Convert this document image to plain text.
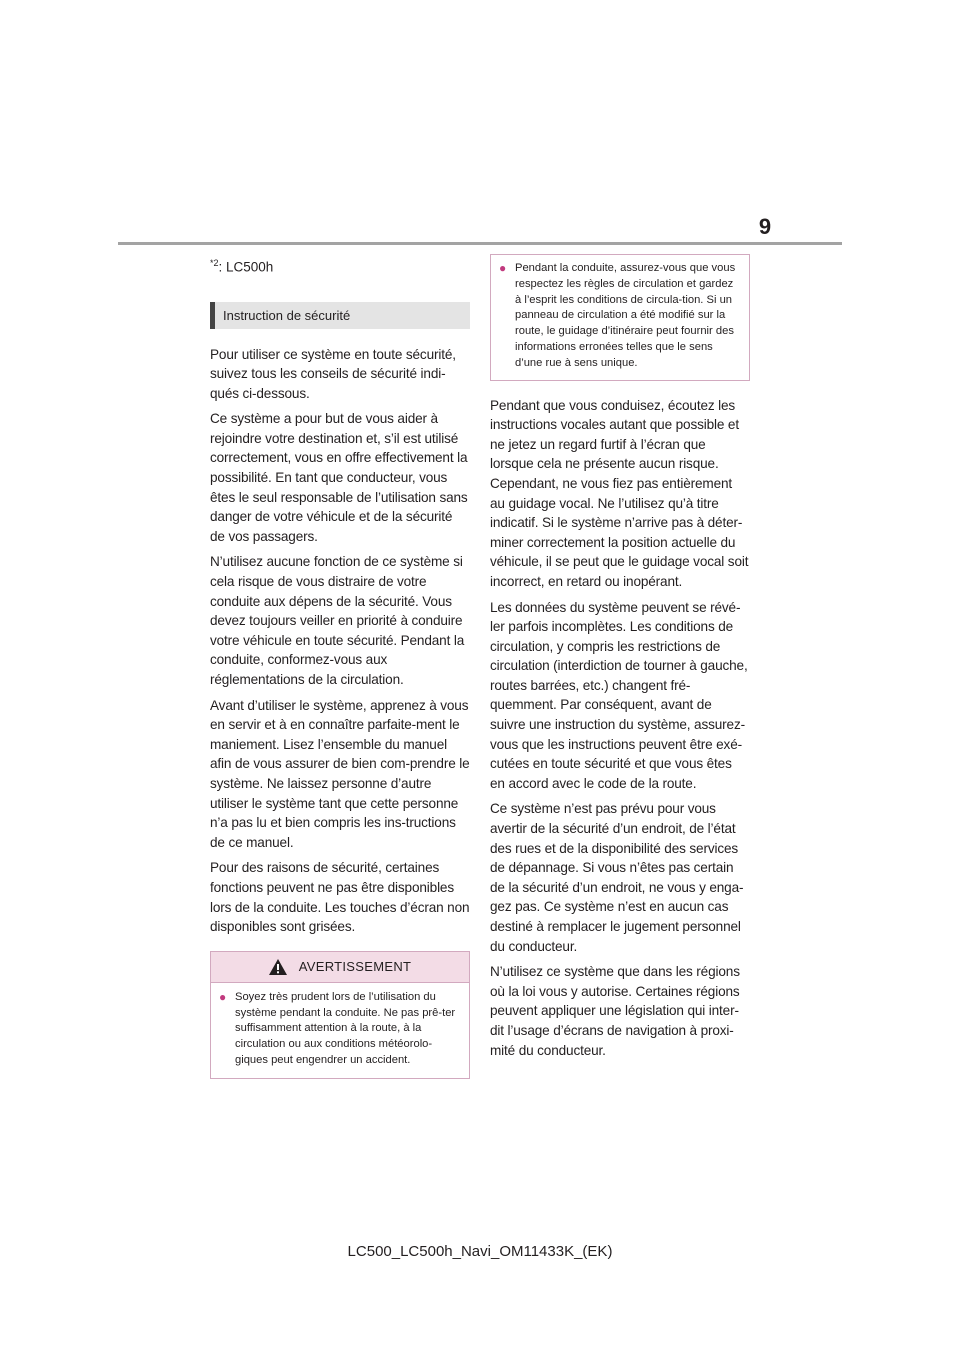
9

$^{*2}$: LC500h

Instruction de sécurité

Pour utiliser ce système en toute sécurité, suivez tous les conseils de sécurité indi-qués ci-dessous.

Ce système a pour but de vous aider à rejoindre votre destination et, s’il est utilisé correctement, vous en offre effectivement la possibilité. En tant que conducteur, vous êtes le seul responsable de l’utilisation sans danger de votre véhicule et de la sécurité de vos passagers.

N’utilisez aucune fonction de ce système si cela risque de vous distraire de votre conduite aux dépens de la sécurité. Vous devez toujours veiller en priorité à conduire votre véhicule en toute sécurité. Pendant la conduite, conformez-vous aux réglementations de la circulation.

Avant d’utiliser le système, apprenez à vous en servir et à en connaître parfaite-ment le maniement. Lisez l’ensemble du manuel afin de vous assurer de bien com-prendre le système. Ne laissez personne d’autre utiliser le système tant que cette personne n’a pas lu et bien compris les ins-tructions de ce manuel.

Pour des raisons de sécurité, certaines fonctions peuvent ne pas être disponibles lors de la conduite. Les touches d’écran non disponibles sont grisées.

AVERTISSEMENT
● Soyez très prudent lors de l’utilisation du système pendant la conduite. Ne pas prê-ter suffisamment attention à la route, à la circulation ou aux conditions météorolo-giques peut engendrer un accident.
● Pendant la conduite, assurez-vous que vous respectez les règles de circulation et gardez à l’esprit les conditions de circula-tion. Si un panneau de circulation a été modifié sur la route, le guidage d’itinéraire peut fournir des informations erronées telles que le sens d’une rue à sens unique.

Pendant que vous conduisez, écoutez les instructions vocales autant que possible et ne jetez un regard furtif à l’écran que lorsque cela ne présente aucun risque. Cependant, ne vous fiez pas entièrement au guidage vocal. Ne l’utilisez qu’à titre indicatif. Si le système n’arrive pas à déter-miner correctement la position actuelle du véhicule, il se peut que le guidage vocal soit incorrect, en retard ou inopérant.

Les données du système peuvent se révé-ler parfois incomplètes. Les conditions de circulation, y compris les restrictions de circulation (interdiction de tourner à gauche, routes barrées, etc.) changent fré-quemment. Par conséquent, avant de suivre une instruction du système, assurez-vous que les instructions peuvent être exé-cutées en toute sécurité et que vous êtes en accord avec le code de la route.

Ce système n’est pas prévu pour vous avertir de la sécurité d’un endroit, de l’état des rues et de la disponibilité des services de dépannage. Si vous n’êtes pas certain de la sécurité d’un endroit, ne vous y enga-gez pas. Ce système n’est en aucun cas destiné à remplacer le jugement personnel du conducteur.

N’utilisez ce système que dans les régions où la loi vous y autorise. Certaines régions peuvent appliquer une législation qui inter-dit l’usage d’écrans de navigation à proxi-mité du conducteur.

LC500_LC500h_Navi_OM11433K_(EK)
